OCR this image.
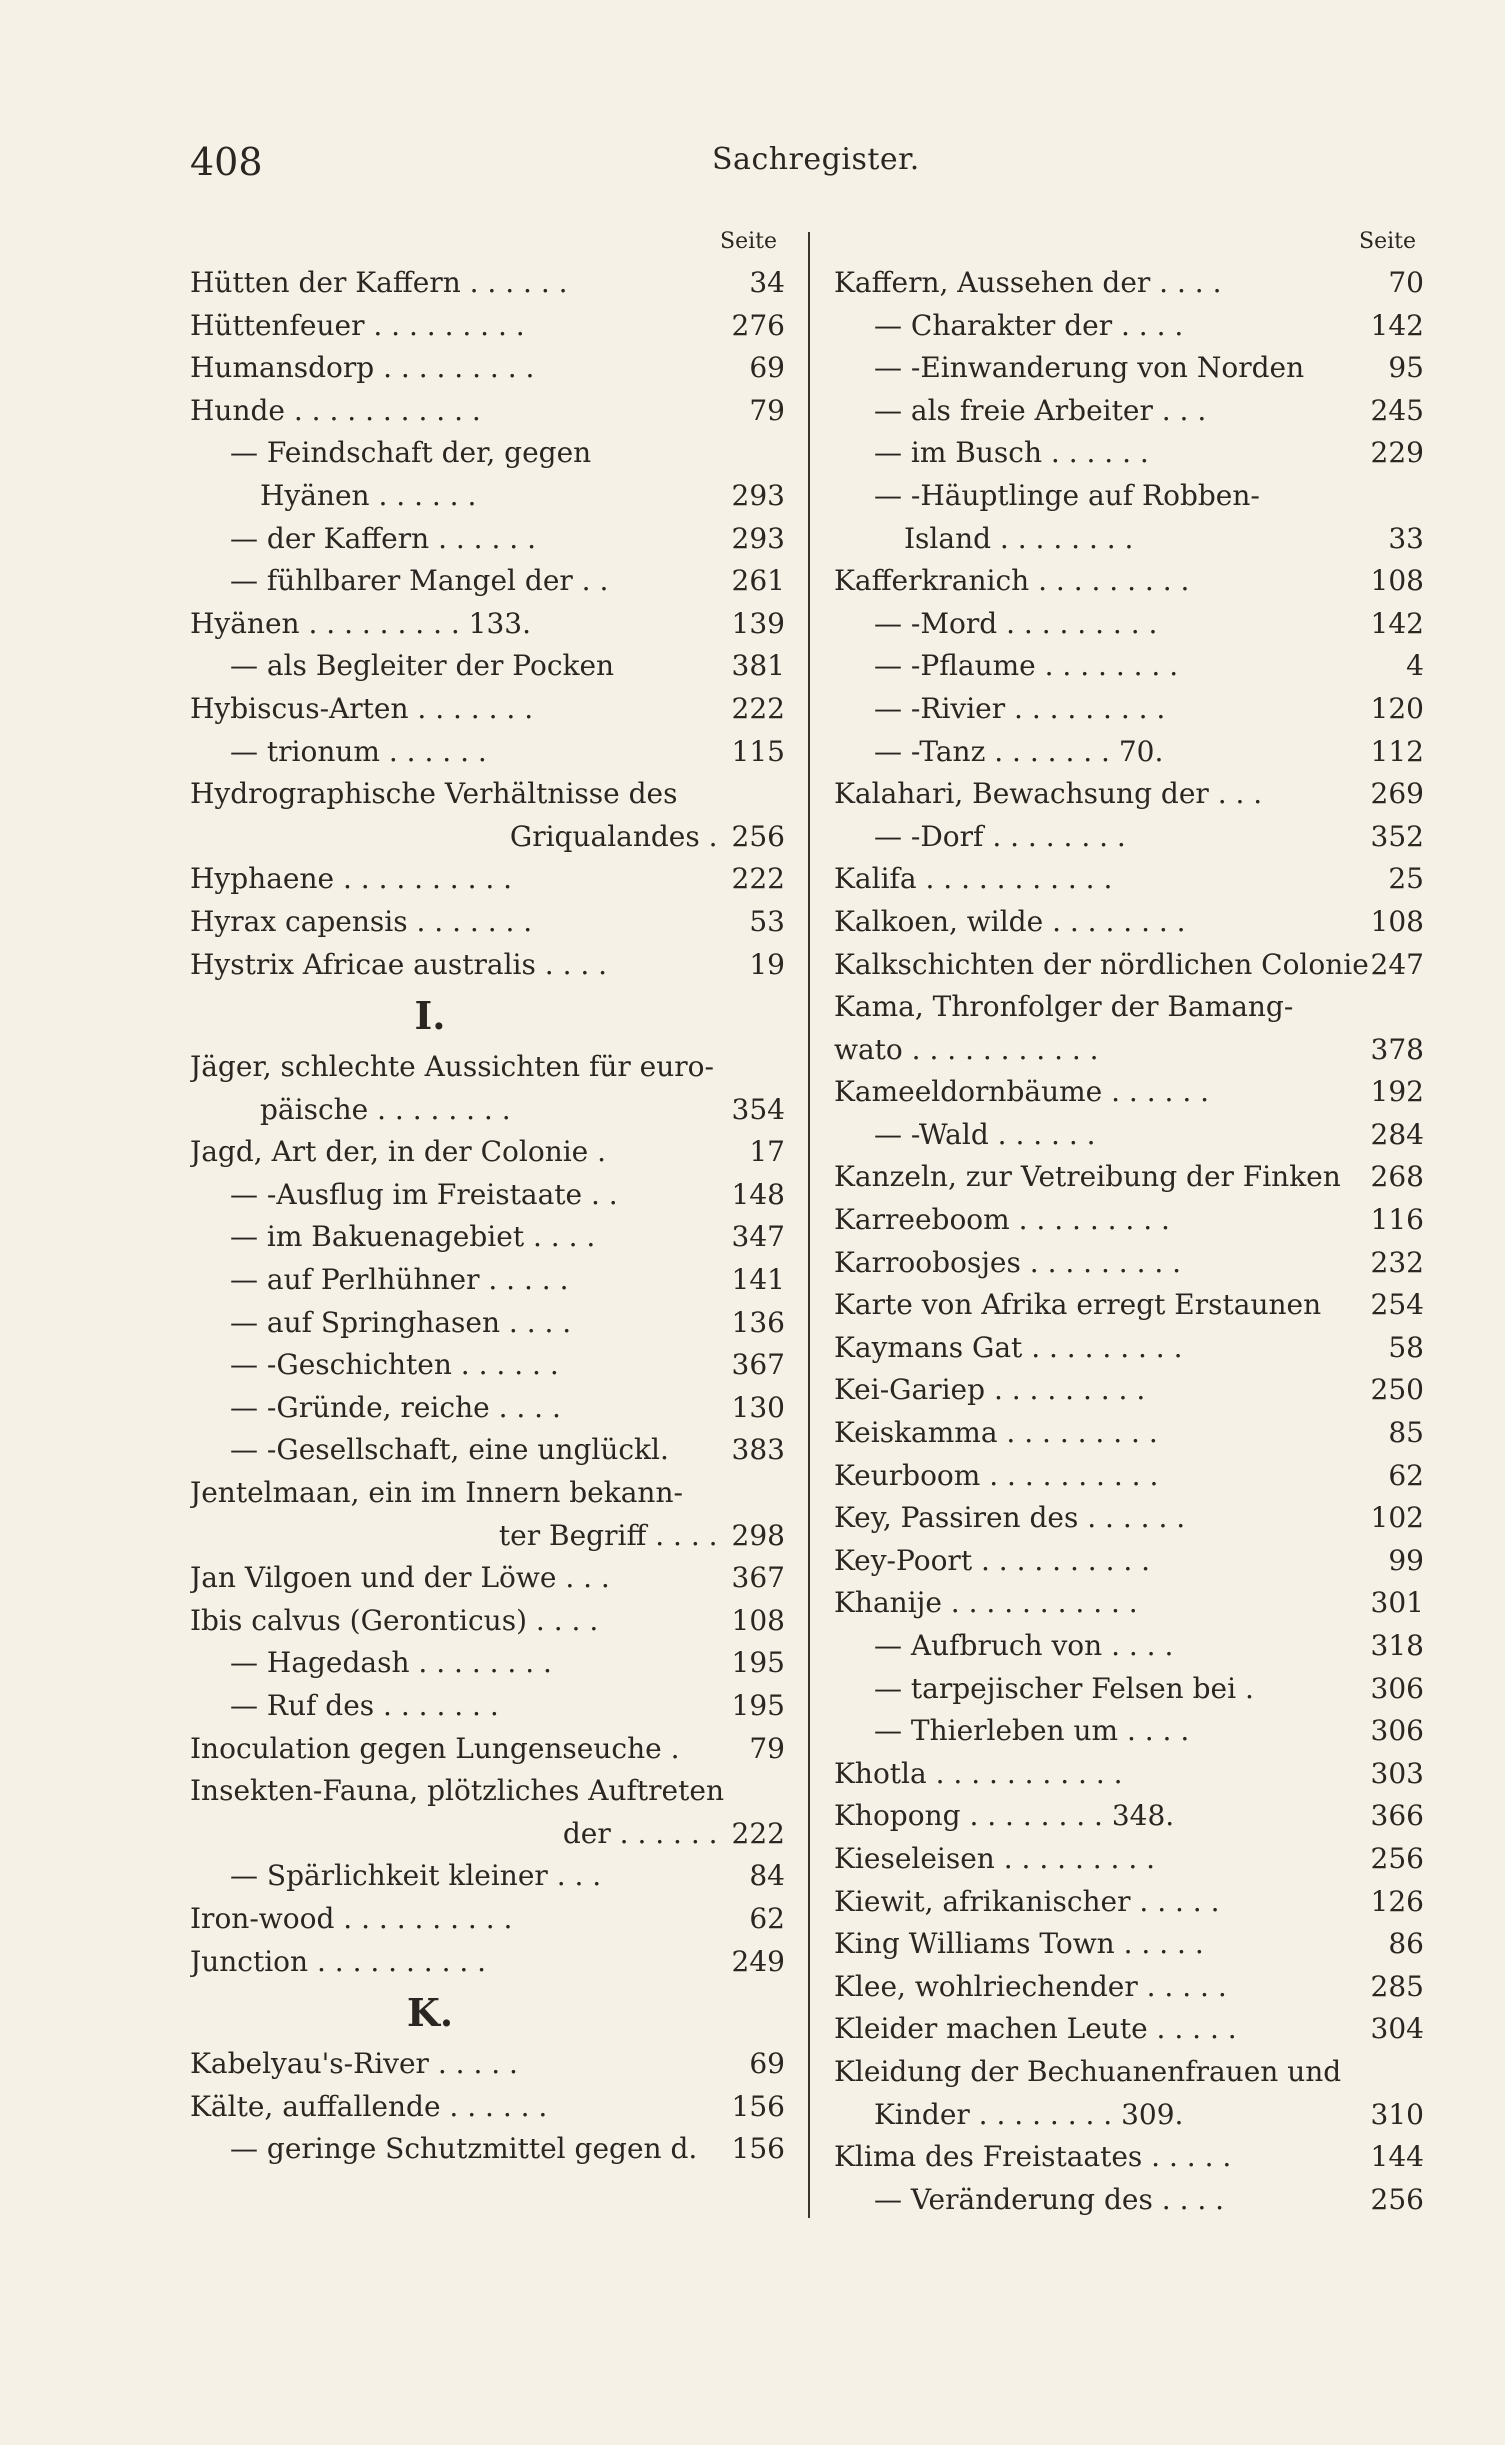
408	Sachregister.
Seite
Hütten der Kaffern . . . . . .	34
Hüttenfeuer . . . . . . . . .	276
Humansdorp . . . . . . . . .	69
Hunde . . . . . . . . . . .	79
— Feindschaft der, gegen
Hyänen . . . . . .	293
— der Kaffern . . . . . .	293
— fühlbarer Mangel der . .	261
Hyänen . . . . . . . . . 133.	139
— als Begleiter der Pocken	381
Hybiscus-Arten . . . . . . .	222
— trionum . . . . . .	115
Hydrographische Verhältnisse des
Griqualandes . 256
Hyphaene . . . . . . . . . .	222
Hyrax capensis . . . . . . .	53
Hystrix Africae australis . . . .	19
I.
Jäger, schlechte Aussichten für euro-
päische . . . . . . . .	354
Jagd, Art der, in der Colonie .	17
— -Ausflug im Freistaate . .	148
— im Bakuenagebiet . . . .	347
— auf Perlhühner . . . . .	141
— auf Springhasen . . . .	136
— -Geschichten . . . . . .	367
— -Gründe, reiche . . . .	130
— -Gesellschaft, eine unglückl. 383
Jentelmaan, ein im Innern bekann-
ter Begriff . . . . 298
Jan Vilgoen und der Löwe . . .	367
Ibis calvus (Geronticus) . . . .	108
— Hagedash . . . . . . . .	195
— Ruf des . . . . . . .	195
Inoculation gegen Lungenseuche . 79
Insekten-Fauna, plötzliches Auftreten
der . . . . . . 222
— Spärlichkeit kleiner . . .	84
Iron-wood . . . . . . . . . .	62
Junction . . . . . . . . . .	249
K.
Kabelyau's-River . . . . .	69
Kälte, auffallende . . . . . .	156
— geringe Schutzmittel gegen d. 156
Seite
Kaffern, Aussehen der . . . .	70
— Charakter der . . . .	142
— -Einwanderung von Norden	95
— als freie Arbeiter . . .	245
— im Busch . . . . . .	229
— -Häuptlinge auf Robben-
Island . . . . . . . .	33
Kafferkranich . . . . . . . . .	108
— -Mord . . . . . . . . .	142
— -Pflaume . . . . . . . .	4
— -Rivier . . . . . . . . .	120
— -Tanz . . . . . . . 70.	112
Kalahari, Bewachsung der . . .	269
— -Dorf . . . . . . . .	352
Kalifa . . . . . . . . . . .	25
Kalkoen, wilde . . . . . . . .	108
Kalkschichten der nördlichen Colonie 247
Kama, Thronfolger der Bamang-
wato . . . . . . . . . . .	378
Kameeldornbäume . . . . . .	192
— -Wald . . . . . .	284
Kanzeln, zur Vetreibung der Finken 268
Karreeboom . . . . . . . . .	116
Karroobosjes . . . . . . . . .	232
Karte von Afrika erregt Erstaunen 254
Kaymans Gat . . . . . . . . .	58
Kei-Gariep . . . . . . . . .	250
Keiskamma . . . . . . . . .	85
Keurboom . . . . . . . . . .	62
Key, Passiren des . . . . . .	102
Key-Poort . . . . . . . . . .	99
Khanije . . . . . . . . . . .	301
— Aufbruch von . . . .	318
— tarpejischer Felsen bei .	306
— Thierleben um . . . .	306
Khotla . . . . . . . . . . .	303
Khopong . . . . . . . . 348.	366
Kieseleisen . . . . . . . . .	256
Kiewit, afrikanischer . . . . .	126
King Williams Town . . . . .	86
Klee, wohlriechender . . . . .	285
Kleider machen Leute . . . . .	304
Kleidung der Bechuanenfrauen und
Kinder . . . . . . . . 309.	310
Klima des Freistaates . . . . .	144
— Veränderung des . . . .	256
